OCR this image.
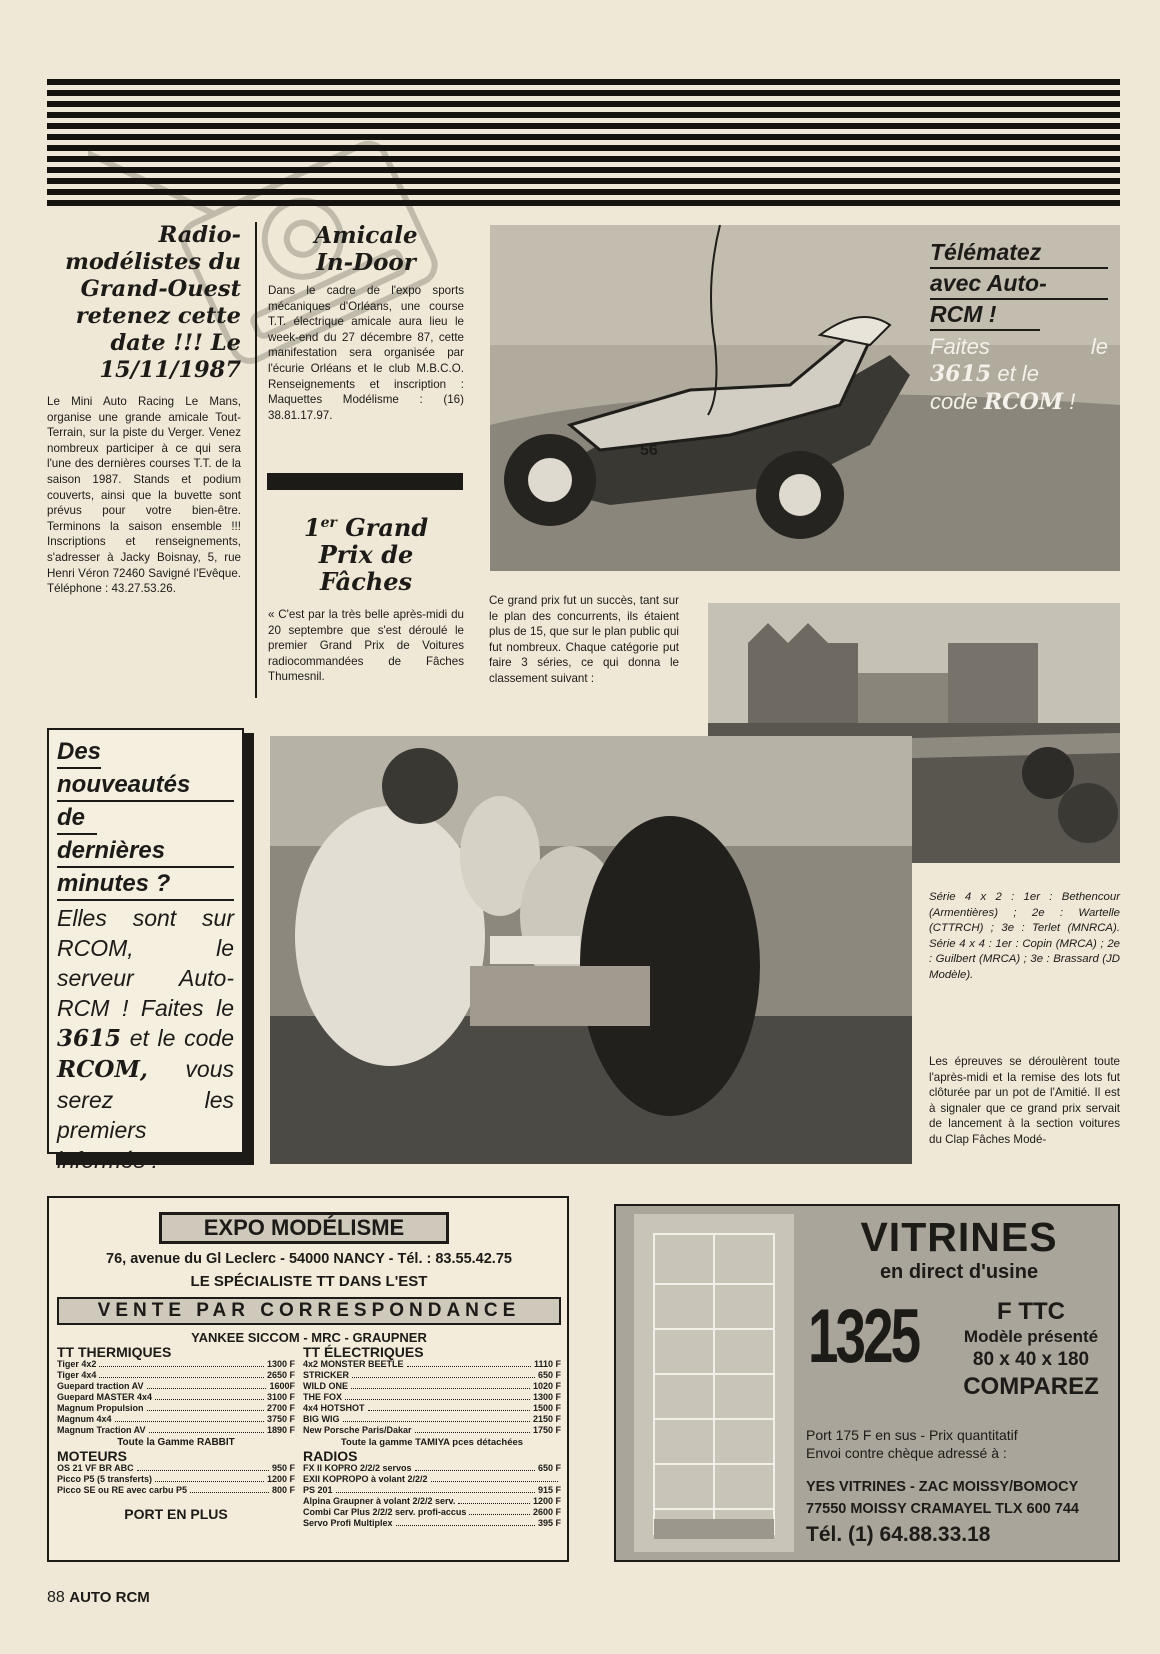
Radio-modélistes du Grand-Ouest retenez cette date !!! Le 15/11/1987
Le Mini Auto Racing Le Mans, organise une grande amicale Tout-Terrain, sur la piste du Verger. Venez nombreux participer à ce qui sera l'une des dernières courses T.T. de la saison 1987. Stands et podium couverts, ainsi que la buvette sont prévus pour votre bien-être. Terminons la saison ensemble !!! Inscriptions et renseignements, s'adresser à Jacky Boisnay, 5, rue Henri Véron 72460 Savigné l'Evêque. Téléphone : 43.27.53.26.
Amicale In-Door
Dans le cadre de l'expo sports mécaniques d'Orléans, une course T.T. électrique amicale aura lieu le week-end du 27 décembre 87, cette manifestation sera organisée par l'écurie Orléans et le club M.B.C.O. Renseignements et inscription : Maquettes Modélisme : (16) 38.81.17.97.
1er Grand
Prix de
Fâches
« C'est par la très belle après-midi du 20 septembre que s'est déroulé le premier Grand Prix de Voitures radiocommandées de Fâches Thumesnil.
56
Télématez
avec Auto-
RCM !
Faites le
3615 et le
code RCOM !
Ce grand prix fut un succès, tant sur le plan des concurrents, ils étaient plus de 15, que sur le plan public qui fut nombreux. Chaque catégorie put faire 3 séries, ce qui donna le classement suivant :
Série 4 x 2 : 1er : Bethencour (Armentières) ; 2e : Wartelle (CTTRCH) ; 3e : Terlet (MNRCA). Série 4 x 4 : 1er : Copin (MRCA) ; 2e : Guilbert (MRCA) ; 3e : Brassard (JD Modèle).
Les épreuves se déroulèrent toute l'après-midi et la remise des lots fut clôturée par un pot de l'Amitié. Il est à signaler que ce grand prix servait de lancement à la section voitures du Clap Fâches Modé-
Des
nouveautés
de
dernières
minutes ?
Elles sont sur RCOM, le serveur Auto-RCM ! Faites le 3615 et le code RCOM, vous serez les premiers informés !
EXPO MODÉLISME
76, avenue du Gl Leclerc - 54000 NANCY - Tél. : 83.55.42.75
LE SPÉCIALISTE TT DANS L'EST
VENTE PAR CORRESPONDANCE
YANKEE SICCOM - MRC - GRAUPNER
TT THERMIQUES
Tiger 4x2	1300 F
Tiger 4x4	2650 F
Guepard traction AV	1600F
Guepard MASTER 4x4	3100 F
Magnum Propulsion	2700 F
Magnum 4x4	3750 F
Magnum Traction AV	1890 F
Toute la Gamme RABBIT
MOTEURS
OS 21 VF BR ABC	950 F
Picco P5 (5 transferts)	1200 F
Picco SE ou RE avec carbu P5	800 F
PORT EN PLUS
TT ÉLECTRIQUES
4x2 MONSTER BEETLE	1110 F
STRICKER	650 F
WILD ONE	1020 F
THE FOX	1300 F
4x4 HOTSHOT	1500 F
BIG WIG	2150 F
New Porsche Paris/Dakar	1750 F
Toute la gamme TAMIYA pces détachées
RADIOS
FX II KOPRO 2/2/2 servos	650 F
EXII KOPROPO à volant 2/2/2
PS 201	915 F
Alpina Graupner à volant 2/2/2 serv.	1200 F
Combi Car Plus 2/2/2 serv. profi-accus	2600 F
Servo Profi Multiplex	395 F
VITRINES
en direct d'usine
1325	F TTC
Modèle présenté
80 x 40 x 180
COMPAREZ
Port 175 F en sus - Prix quantitatif
Envoi contre chèque adressé à :
YES VITRINES - ZAC MOISSY/BOMOCY
77550 MOISSY CRAMAYEL TLX 600 744
Tél. (1) 64.88.33.18
88 AUTO RCM
